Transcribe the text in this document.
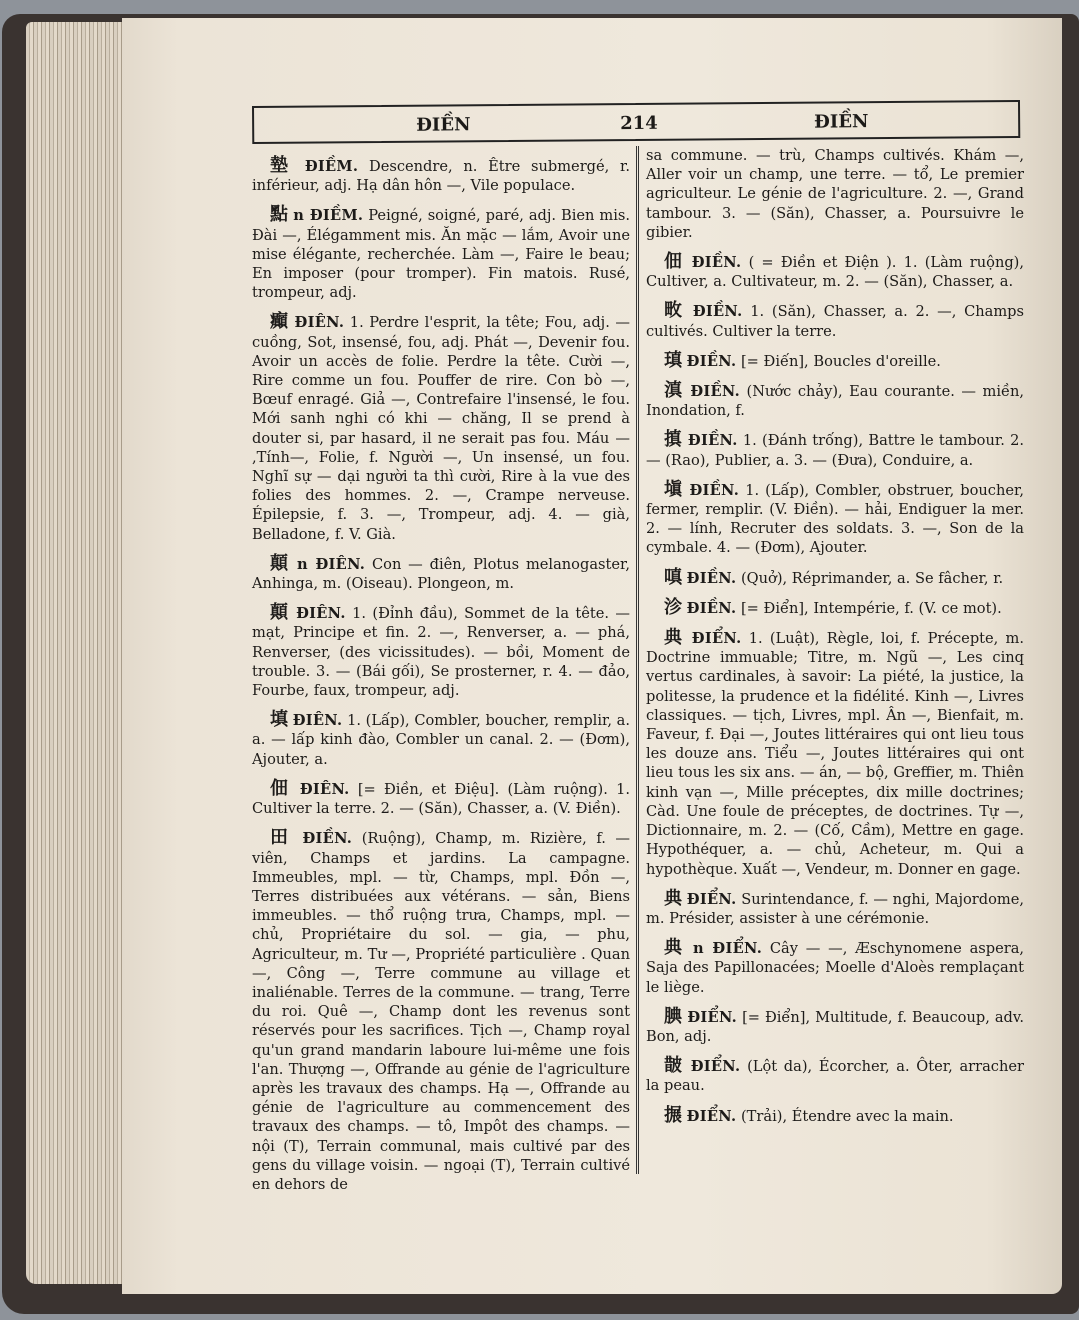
ĐIỀN	214	ĐIỀN

墊 ĐIỀM. Descendre, n. Être submergé, r. inférieur, adj. Hạ dân hôn —, Vile populace.

點 n ĐIỀM. Peigné, soigné, paré, adj. Bien mis. Đài —, Élégamment mis. Ăn mặc — lắm, Avoir une mise élégante, recherchée. Làm —, Faire le beau; En imposer (pour tromper). Fin matois. Rusé, trompeur, adj.

癲 ĐIÊN. 1. Perdre l'esprit, la tête; Fou, adj. — cuồng, Sot, insensé, fou, adj. Phát —, Devenir fou. Avoir un accès de folie. Perdre la tête. Cười —, Rire comme un fou. Pouffer de rire. Con bò —, Bœuf enragé. Giả —, Contrefaire l'insensé, le fou. Mới sanh nghi có khi — chăng, Il se prend à douter si, par hasard, il ne serait pas fou. Máu — ,Tính—, Folie, f. Người —, Un insensé, un fou. Nghĩ sự — dại người ta thì cười, Rire à la vue des folies des hommes. 2. —, Crampe nerveuse. Épilepsie, f. 3. —, Trompeur, adj. 4. — già, Belladone, f. V. Già.

顛 n ĐIÊN. Con — điên, Plotus melanogaster, Anhinga, m. (Oiseau). Plongeon, m.

顛 ĐIÊN. 1. (Đỉnh đầu), Sommet de la tête. — mạt, Principe et fin. 2. —, Renverser, a. — phá, Renverser, (des vicissitudes). — bồi, Moment de trouble. 3. — (Bái gối), Se prosterner, r. 4. — đảo, Fourbe, faux, trompeur, adj.

填 ĐIÊN. 1. (Lấp), Combler, boucher, remplir, a. a. — lấp kinh đào, Combler un canal. 2. — (Đơm), Ajouter, a.

佃 ĐIÊN. [= Điền, et Điệu]. (Làm ruộng). 1. Cultiver la terre. 2. — (Săn), Chasser, a. (V. Điền).

田 ĐIỀN. (Ruộng), Champ, m. Rizière, f. — viên, Champs et jardins. La campagne. Immeubles, mpl. — từ, Champs, mpl. Đồn —, Terres distribuées aux vétérans. — sản, Biens immeubles. — thổ ruộng trưa, Champs, mpl. — chủ, Propriétaire du sol. — gia, — phu, Agriculteur, m. Tư —, Propriété particulière . Quan —, Công —, Terre commune au village et inaliénable. Terres de la commune. — trang, Terre du roi. Quê —, Champ dont les revenus sont réservés pour les sacrifices. Tịch —, Champ royal qu'un grand mandarin laboure lui-même une fois l'an. Thượng —, Offrande au génie de l'agriculture après les travaux des champs. Hạ —, Offrande au génie de l'agriculture au commencement des travaux des champs. — tô, Impôt des champs. — nội (T), Terrain communal, mais cultivé par des gens du village voisin. — ngoại (T), Terrain cultivé en dehors de

sa commune. — trù, Champs cultivés. Khám —, Aller voir un champ, une terre. — tổ, Le premier agriculteur. Le génie de l'agriculture. 2. —, Grand tambour. 3. — (Săn), Chasser, a. Poursuivre le gibier.

佃 ĐIỀN. ( = Điền et Điện ). 1. (Làm ruộng), Cultiver, a. Cultivateur, m. 2. — (Săn), Chasser, a.

畋 ĐIỀN. 1. (Săn), Chasser, a. 2. —, Champs cultivés. Cultiver la terre.

瑱 ĐIỀN. [= Điến], Boucles d'oreille.

滇 ĐIỀN. (Nước chảy), Eau courante. — miền, Inondation, f.

搷 ĐIỀN. 1. (Đánh trống), Battre le tambour. 2. — (Rao), Publier, a. 3. — (Đưa), Conduire, a.

塡 ĐIỀN. 1. (Lấp), Combler, obstruer, boucher, fermer, remplir. (V. Điền). — hải, Endiguer la mer. 2. — lính, Recruter des soldats. 3. —, Son de la cymbale. 4. — (Đơm), Ajouter.

嗔 ĐIỀN. (Quở), Réprimander, a. Se fâcher, r.

沴 ĐIỀN. [= Điển], Intempérie, f. (V. ce mot).

典 ĐIỂN. 1. (Luật), Règle, loi, f. Précepte, m. Doctrine immuable; Titre, m. Ngũ —, Les cinq vertus cardinales, à savoir: La piété, la justice, la politesse, la prudence et la fidélité. Kinh —, Livres classiques. — tịch, Livres, mpl. Ân —, Bienfait, m. Faveur, f. Đại —, Joutes littéraires qui ont lieu tous les douze ans. Tiểu —, Joutes littéraires qui ont lieu tous les six ans. — án, — bộ, Greffier, m. Thiên kinh vạn —, Mille préceptes, dix mille doctrines; Càd. Une foule de préceptes, de doctrines. Tự —, Dictionnaire, m. 2. — (Cố, Cầm), Mettre en gage. Hypothéquer, a. — chủ, Acheteur, m. Qui a hypothèque. Xuất —, Vendeur, m. Donner en gage.

典 ĐIỂN. Surintendance, f. — nghi, Majordome, m. Présider, assister à une cérémonie.

典 n ĐIỂN. Cây — —, Æschynomene aspera, Saja des Papillonacées; Moelle d'Aloès remplaçant le liège.

腆 ĐIỂN. [= Điển], Multitude, f. Beaucoup, adv. Bon, adj.

皵 ĐIỂN. (Lột da), Écorcher, a. Ôter, arracher la peau.

搌 ĐIỂN. (Trải), Étendre avec la main.
